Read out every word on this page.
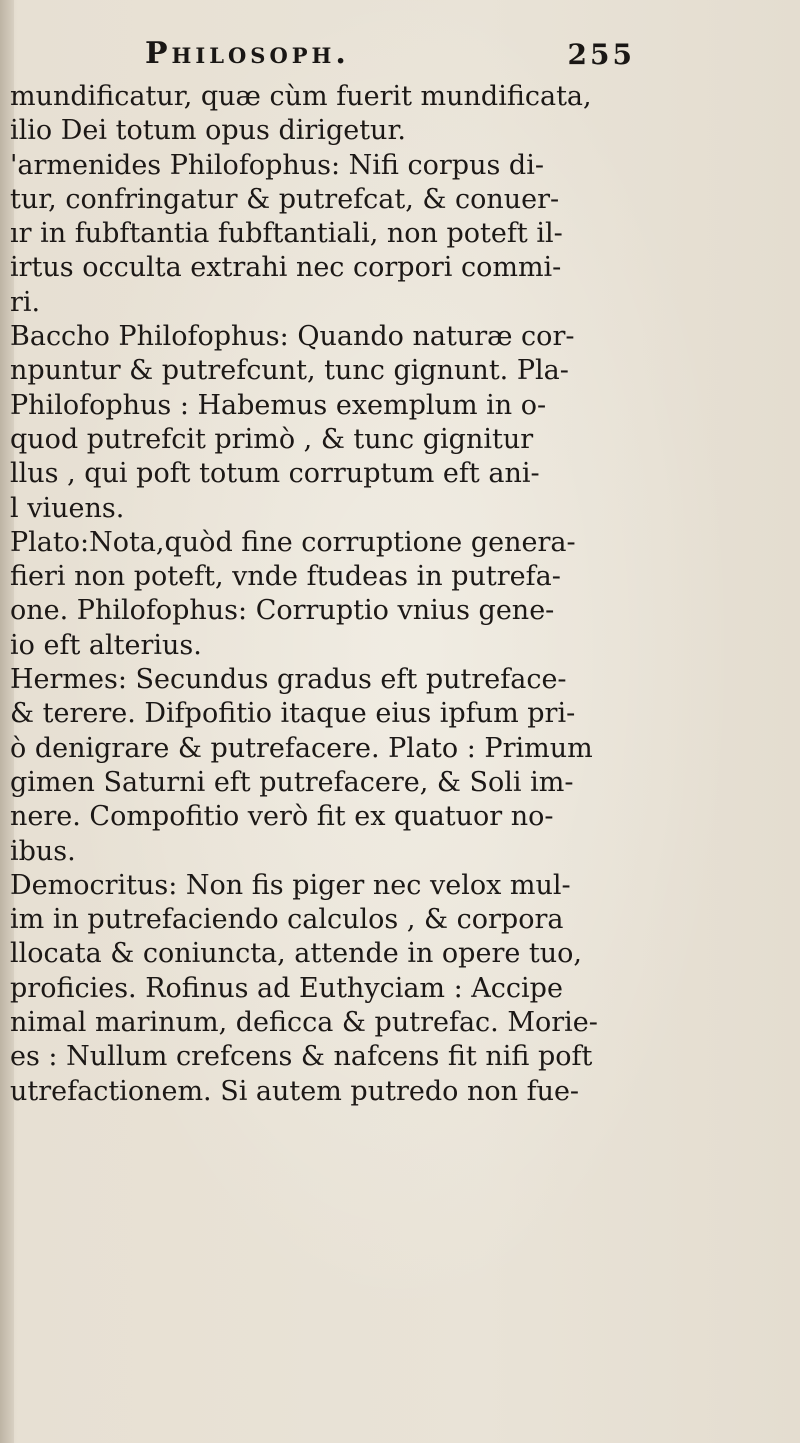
Philosoph.	255
mundificatur, quæ cùm fuerit mundificata,
ilio Dei totum opus dirigetur.
'armenides Philofophus: Nifi corpus di-
tur, confringatur & putrefcat, & conuer-
ır in fubftantia fubftantiali, non poteft il-
irtus occulta extrahi nec corpori commi-
ri.
Baccho Philofophus: Quando naturæ cor-
npuntur & putrefcunt, tunc gignunt. Pla-
Philofophus : Habemus exemplum in o-
quod putrefcit primò , & tunc gignitur
llus , qui poft totum corruptum eft ani-
l viuens.
Plato:Nota,quòd fine corruptione genera-
fieri non poteft, vnde ftudeas in putrefa-
one. Philofophus: Corruptio vnius gene-
io eft alterius.
Hermes: Secundus gradus eft putreface-
& terere. Difpofitio itaque eius ipfum pri-
ò denigrare & putrefacere. Plato : Primum
gimen Saturni eft putrefacere, & Soli im-
nere. Compofitio verò fit ex quatuor no-
ibus.
Democritus: Non fis piger nec velox mul-
im in putrefaciendo calculos , & corpora
llocata & coniuncta, attende in opere tuo,
proficies. Rofinus ad Euthyciam : Accipe
nimal marinum, deficca & putrefac. Morie-
es : Nullum crefcens & nafcens fit nifi poft
utrefactionem. Si autem putredo non fue-
